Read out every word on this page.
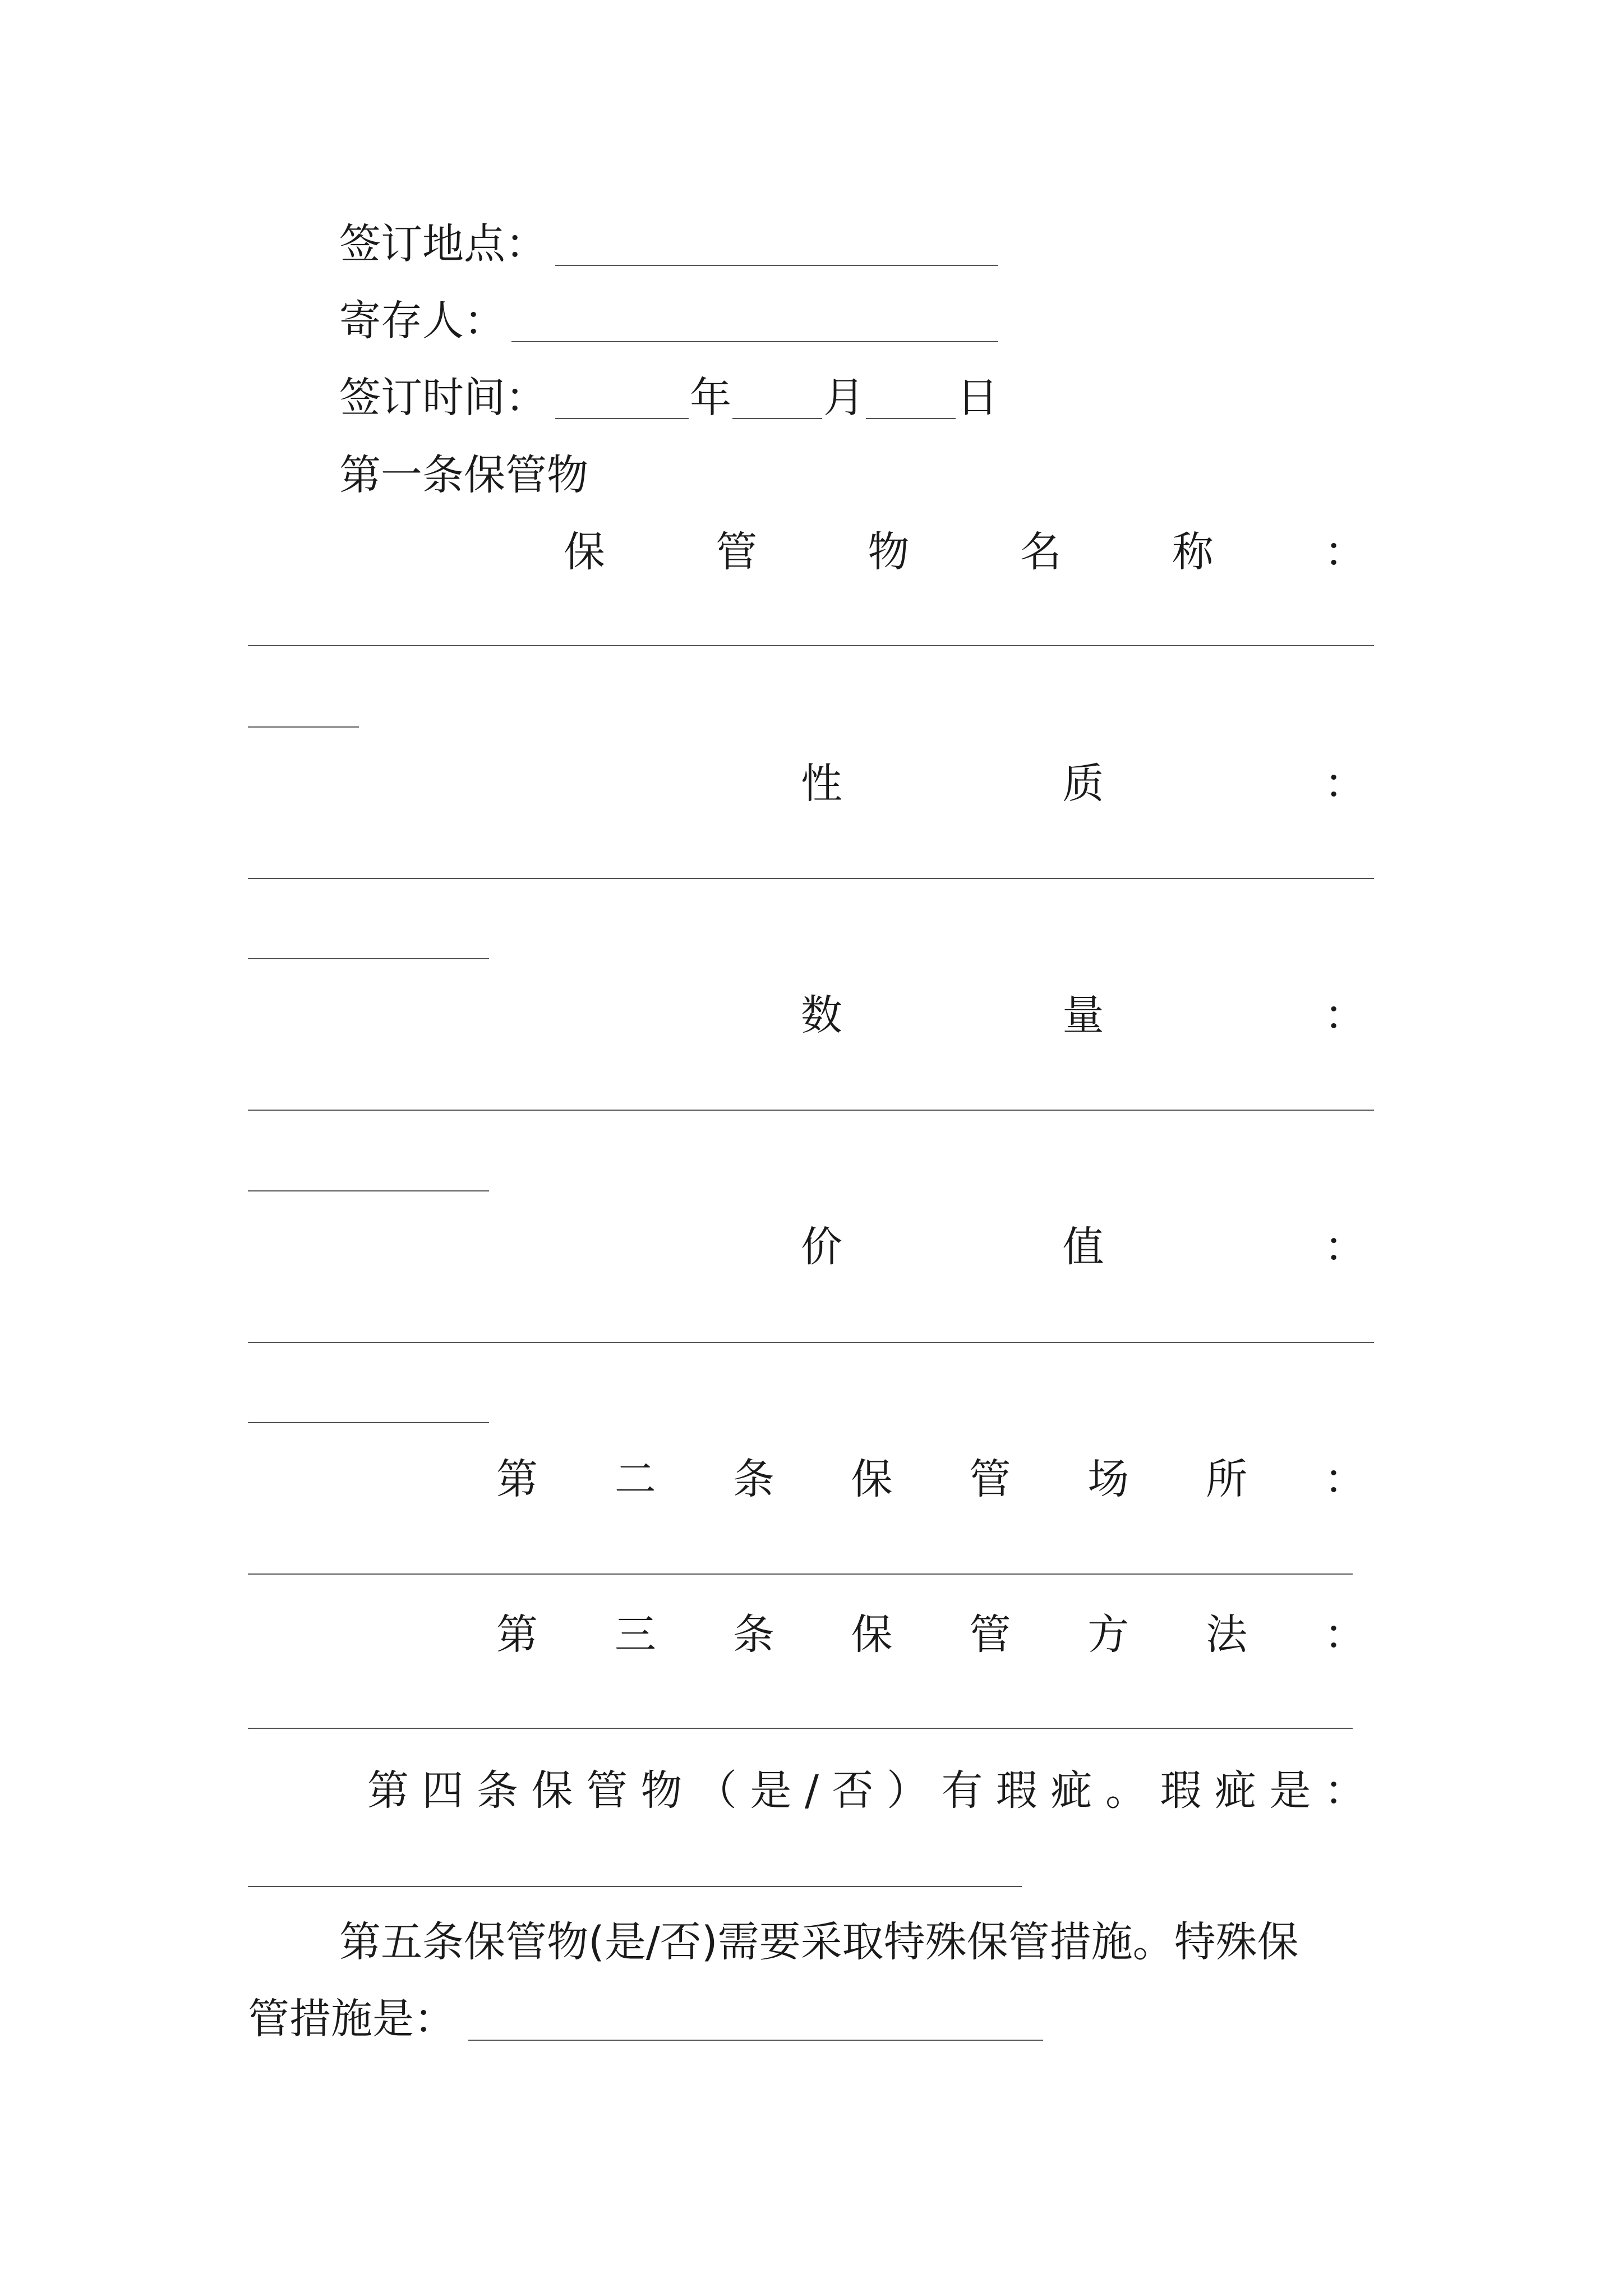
签订地点：
寄存人：
签订时间：	年 月 日
第一条保管物
保	管	物	名	称	：
性	质	：
数	量	：
价	值	：
第 二 条 保 管 场 所 ：
第 三 条 保 管 方 法 ：
第 四 条 保 管 物 （ 是 / 否 ） 有 瑕 疵 。 瑕 疵 是 ：
第五条保管物(是/否)需要采取特殊保管措施。特殊保
管措施是：
